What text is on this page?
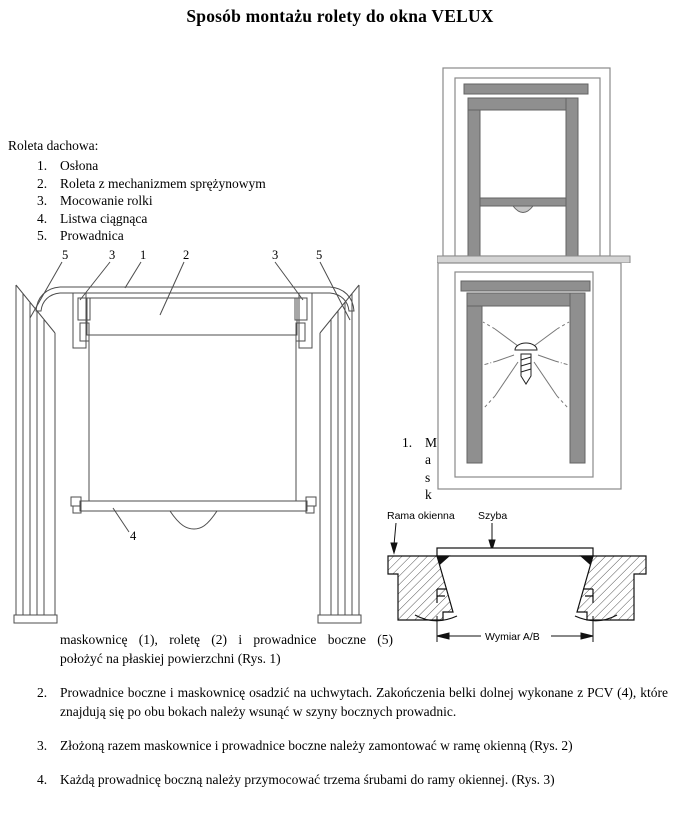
Sposób montażu rolety do okna VELUX
Roleta dachowa:
1. Osłona
2. Roleta z mechanizmem sprężynowym
3. Mocowanie rolki
4. Listwa ciągnąca
5. Prowadnica
5	3 1	2	3	5
4
1. M
a
s
k
Rama okienna Szyba
Wymiar A/B
maskownicę (1), roletę (2) i prowadnice boczne (5)
położyć na płaskiej powierzchni (Rys. 1)
2. Prowadnice boczne i maskownicę osadzić na uchwytach. Zakończenia belki dolnej wykonane z PCV (4), które znajdują się po obu bokach należy wsunąć w szyny bocznych prowadnic.

3. Złożoną razem maskownice i prowadnice boczne należy zamontować w ramę okienną (Rys. 2)

4. Każdą prowadnicę boczną należy przymocować trzema śrubami do ramy okiennej. (Rys. 3)
